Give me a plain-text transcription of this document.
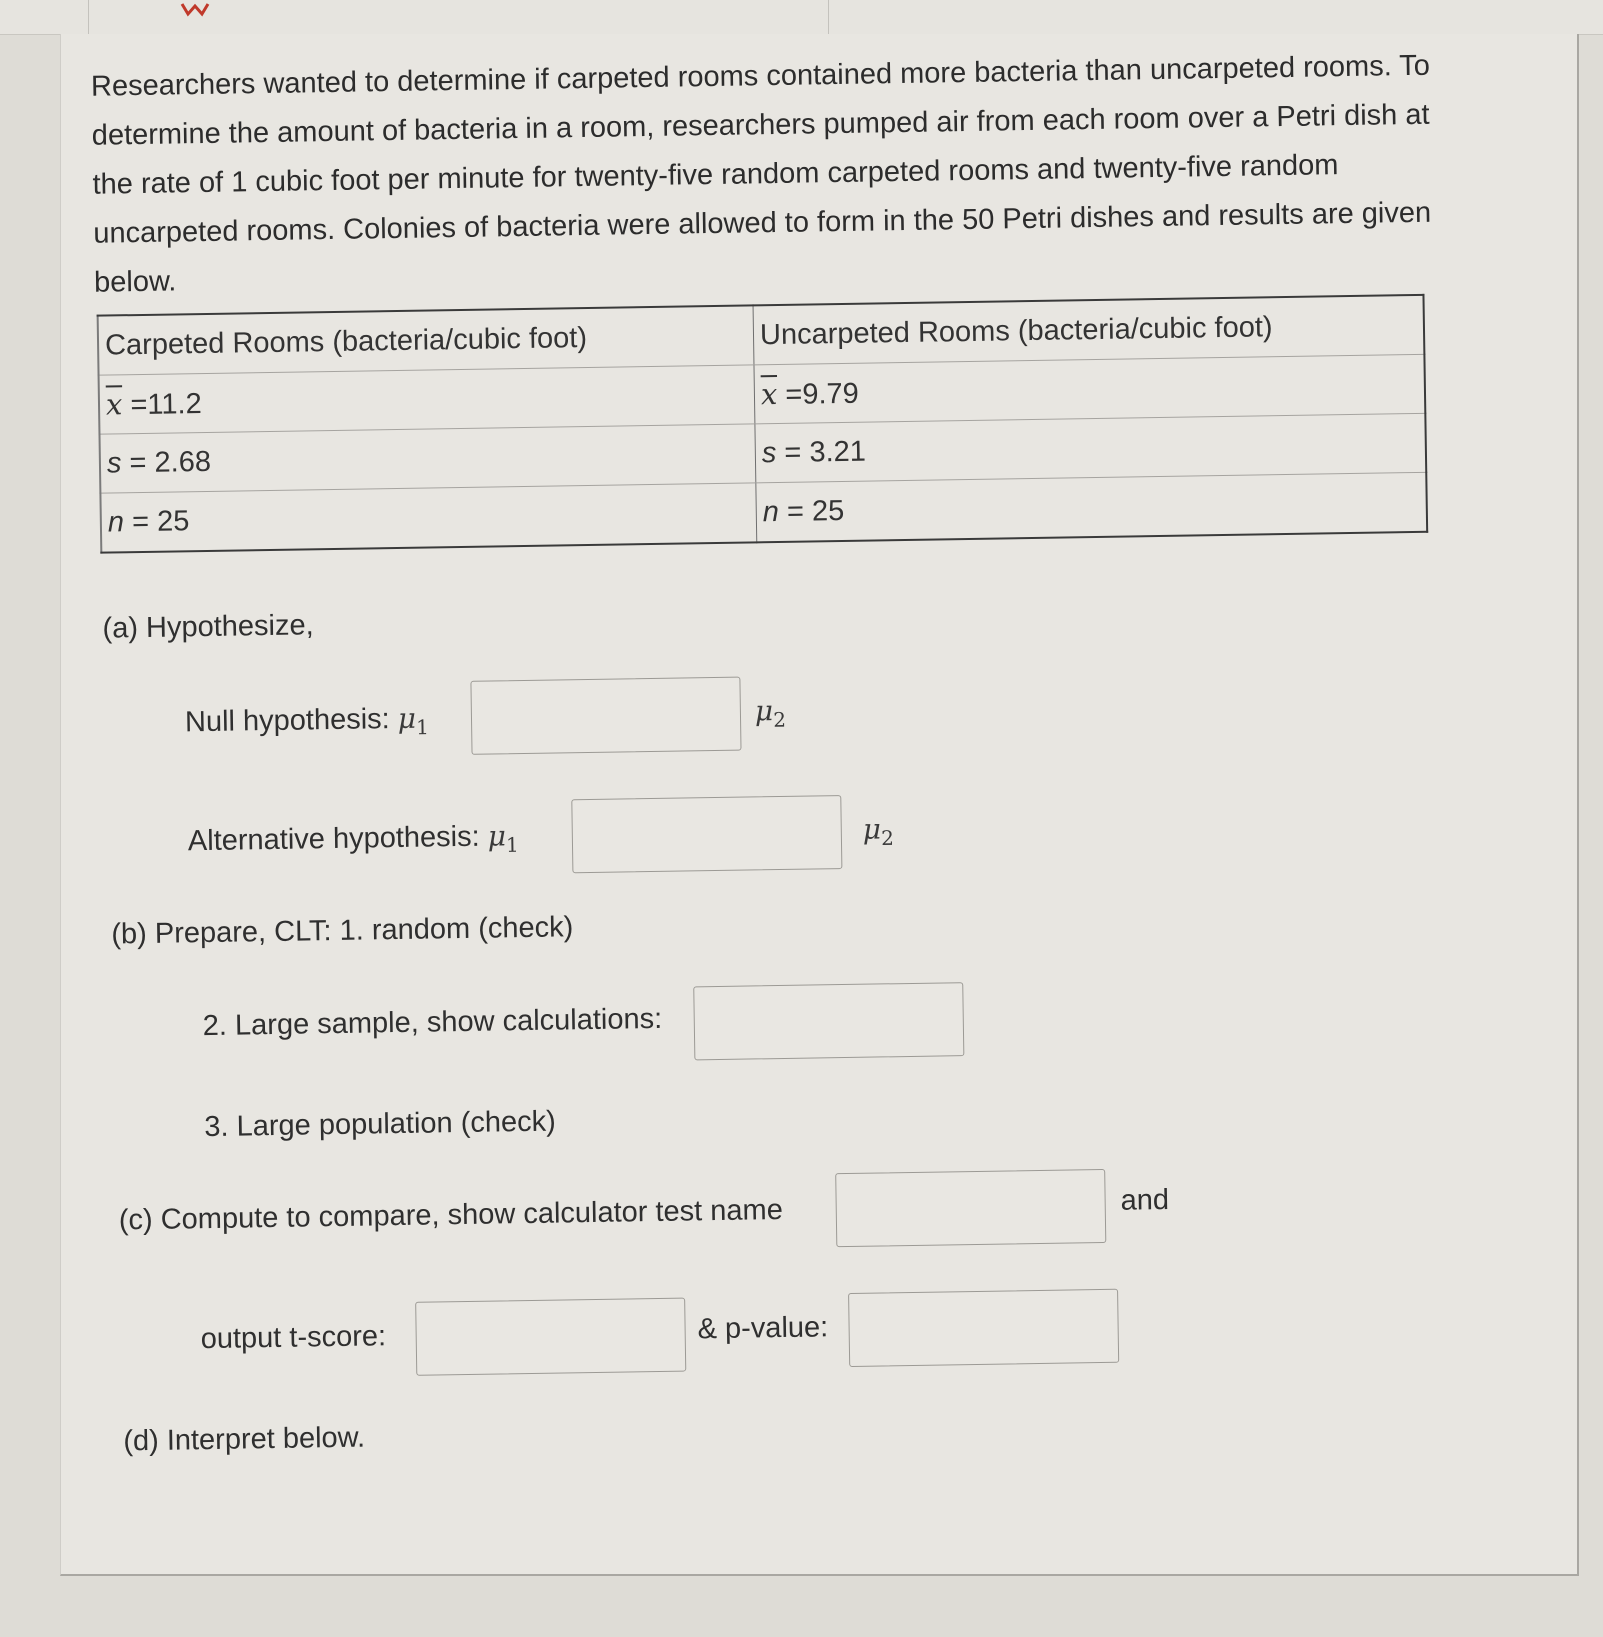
Researchers wanted to determine if carpeted rooms contained more bacteria than uncarpeted rooms. To determine the amount of bacteria in a room, researchers pumped air from each room over a Petri dish at the rate of 1 cubic foot per minute for twenty-five random carpeted rooms and twenty-five random uncarpeted rooms. Colonies of bacteria were allowed to form in the 50 Petri dishes and results are given below.

Carpeted Rooms (bacteria/cubic foot)	Uncarpeted Rooms (bacteria/cubic foot)
$\overline{x} =11.2$	$\overline{x} =9.79$
s = 2.68	s = 3.21
n = 25	n = 25
(a) Hypothesize,
Null hypothesis: $\mu_1$	$\mu_2$
Alternative hypothesis: $\mu_1$	$\mu_2$
(b) Prepare, CLT: 1. random (check)
2. Large sample, show calculations:
3. Large population (check)
(c) Compute to compare, show calculator test name	and
output t-score:	& p-value:
(d) Interpret below.
